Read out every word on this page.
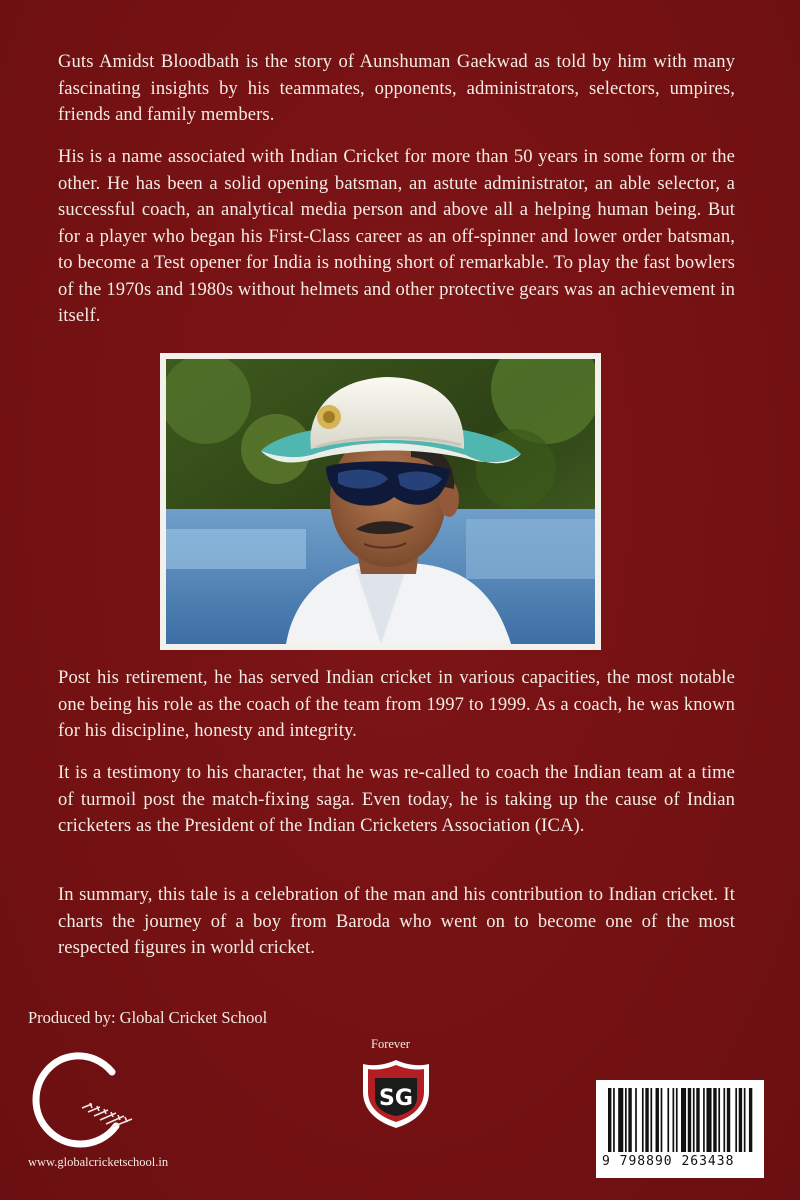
Guts Amidst Bloodbath is the story of Aunshuman Gaekwad as told by him with many fascinating insights by his teammates, opponents, administrators, selectors, umpires, friends and family members.

His is a name associated with Indian Cricket for more than 50 years in some form or the other. He has been a solid opening batsman, an astute administrator, an able selector, a successful coach, an analytical media person and above all a helping human being. But for a player who began his First-Class career as an off-spinner and lower order batsman, to become a Test opener for India is nothing short of remarkable. To play the fast bowlers of the 1970s and 1980s without helmets and other protective gears was an achievement in itself.

Post his retirement, he has served Indian cricket in various capacities, the most notable one being his role as the coach of the team from 1997 to 1999. As a coach, he was known for his discipline, honesty and integrity.

It is a testimony to his character, that he was re-called to coach the Indian team at a time of turmoil post the match-fixing saga. Even today, he is taking up the cause of Indian cricketers as the President of the Indian Cricketers Association (ICA).

In summary, this tale is a celebration of the man and his contribution to Indian cricket. It charts the journey of a boy from Baroda who went on to become one of the most respected figures in world cricket.

Produced by: Global Cricket School

www.globalcricketschool.in

Forever

SG

9 798890 263438
